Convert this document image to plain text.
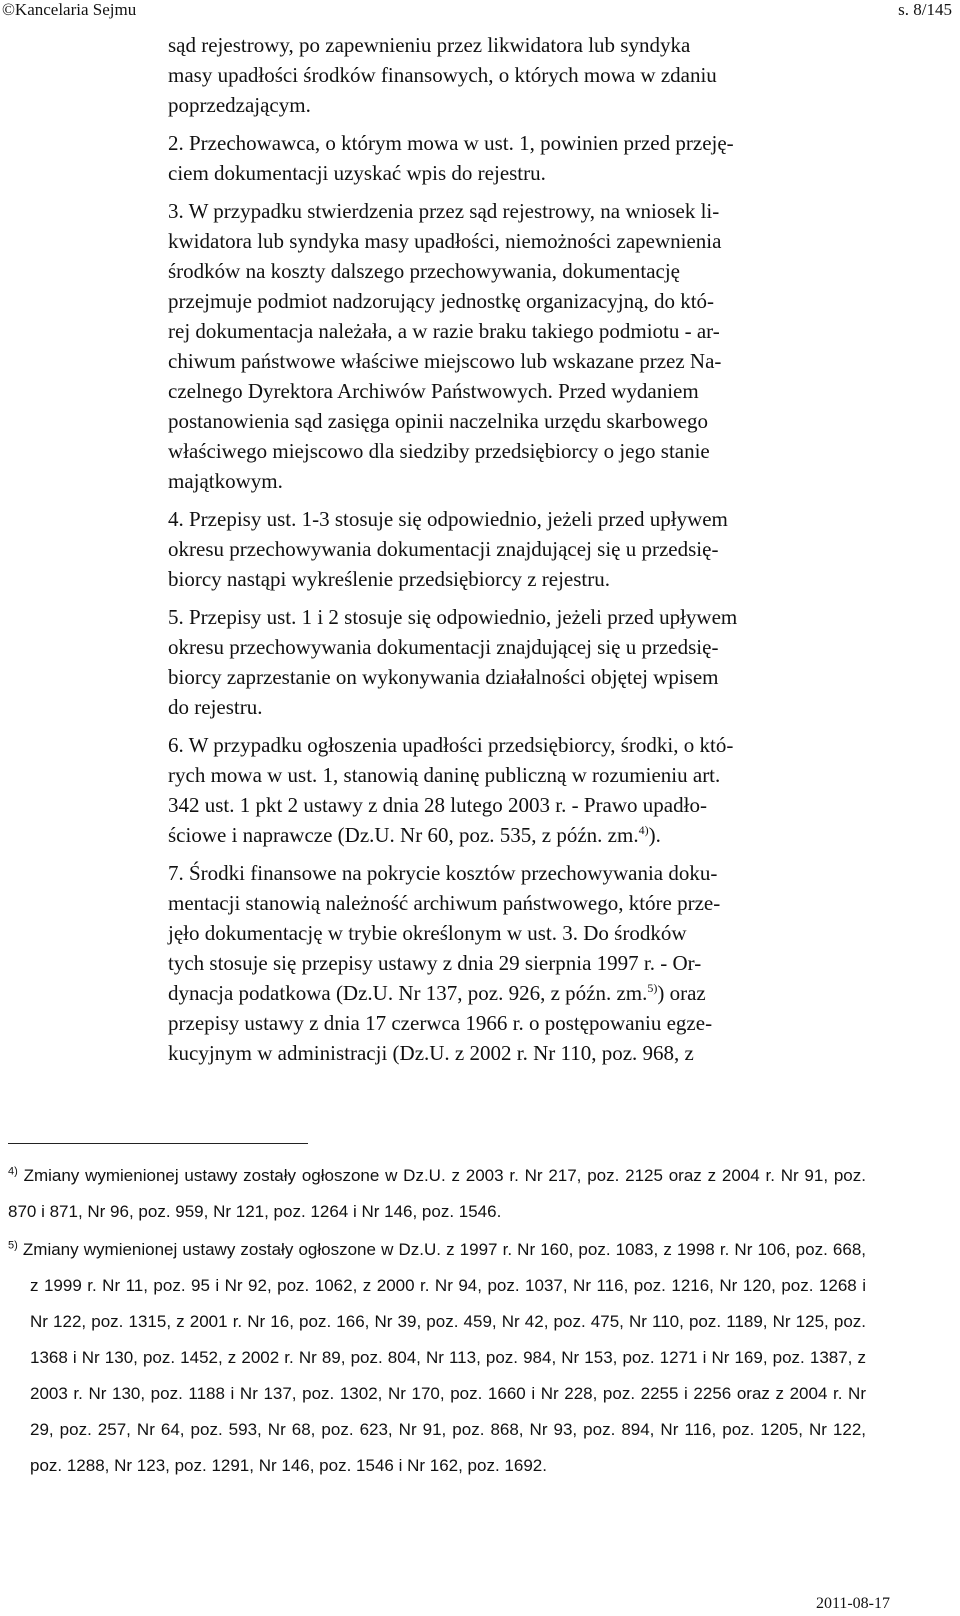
©Kancelaria Sejmu	s. 8/145

sąd rejestrowy, po zapewnieniu przez likwidatora lub syndyka
masy upadłości środków finansowych, o których mowa w zdaniu
poprzedzającym.

2. Przechowawca, o którym mowa w ust. 1, powinien przed przeję-
ciem dokumentacji uzyskać wpis do rejestru.

3. W przypadku stwierdzenia przez sąd rejestrowy, na wniosek li-
kwidatora lub syndyka masy upadłości, niemożności zapewnienia
środków na koszty dalszego przechowywania, dokumentację
przejmuje podmiot nadzorujący jednostkę organizacyjną, do któ-
rej dokumentacja należała, a w razie braku takiego podmiotu - ar-
chiwum państwowe właściwe miejscowo lub wskazane przez Na-
czelnego Dyrektora Archiwów Państwowych. Przed wydaniem
postanowienia sąd zasięga opinii naczelnika urzędu skarbowego
właściwego miejscowo dla siedziby przedsiębiorcy o jego stanie
majątkowym.

4. Przepisy ust. 1-3 stosuje się odpowiednio, jeżeli przed upływem
okresu przechowywania dokumentacji znajdującej się u przedsię-
biorcy nastąpi wykreślenie przedsiębiorcy z rejestru.

5. Przepisy ust. 1 i 2 stosuje się odpowiednio, jeżeli przed upływem
okresu przechowywania dokumentacji znajdującej się u przedsię-
biorcy zaprzestanie on wykonywania działalności objętej wpisem
do rejestru.

6. W przypadku ogłoszenia upadłości przedsiębiorcy, środki, o któ-
rych mowa w ust. 1, stanowią daninę publiczną w rozumieniu art.
342 ust. 1 pkt 2 ustawy z dnia 28 lutego 2003 r. - Prawo upadło-
ściowe i naprawcze (Dz.U. Nr 60, poz. 535, z późn. zm.$^{4)}$).

7. Środki finansowe na pokrycie kosztów przechowywania doku-
mentacji stanowią należność archiwum państwowego, które prze-
jęło dokumentację w trybie określonym w ust. 3. Do środków
tych stosuje się przepisy ustawy z dnia 29 sierpnia 1997 r. - Or-
dynacja podatkowa (Dz.U. Nr 137, poz. 926, z późn. zm.$^{5)}$) oraz
przepisy ustawy z dnia 17 czerwca 1966 r. o postępowaniu egze-
kucyjnym w administracji (Dz.U. z 2002 r. Nr 110, poz. 968, z

$^{4)}$ Zmiany wymienionej ustawy zostały ogłoszone w Dz.U. z 2003 r. Nr 217, poz. 2125 oraz z 2004 r. Nr 91, poz. 870 i 871, Nr 96, poz. 959, Nr 121, poz. 1264 i Nr 146, poz. 1546.

$^{5)}$ Zmiany wymienionej ustawy zostały ogłoszone w Dz.U. z 1997 r. Nr 160, poz. 1083, z 1998 r. Nr 106, poz. 668, z 1999 r. Nr 11, poz. 95 i Nr 92, poz. 1062, z 2000 r. Nr 94, poz. 1037, Nr 116, poz. 1216, Nr 120, poz. 1268 i Nr 122, poz. 1315, z 2001 r. Nr 16, poz. 166, Nr 39, poz. 459, Nr 42, poz. 475, Nr 110, poz. 1189, Nr 125, poz. 1368 i Nr 130, poz. 1452, z 2002 r. Nr 89, poz. 804, Nr 113, poz. 984, Nr 153, poz. 1271 i Nr 169, poz. 1387, z 2003 r. Nr 130, poz. 1188 i Nr 137, poz. 1302, Nr 170, poz. 1660 i Nr 228, poz. 2255 i 2256 oraz z 2004 r. Nr 29, poz. 257, Nr 64, poz. 593, Nr 68, poz. 623, Nr 91, poz. 868, Nr 93, poz. 894, Nr 116, poz. 1205, Nr 122, poz. 1288, Nr 123, poz. 1291, Nr 146, poz. 1546 i Nr 162, poz. 1692.

2011-08-17
